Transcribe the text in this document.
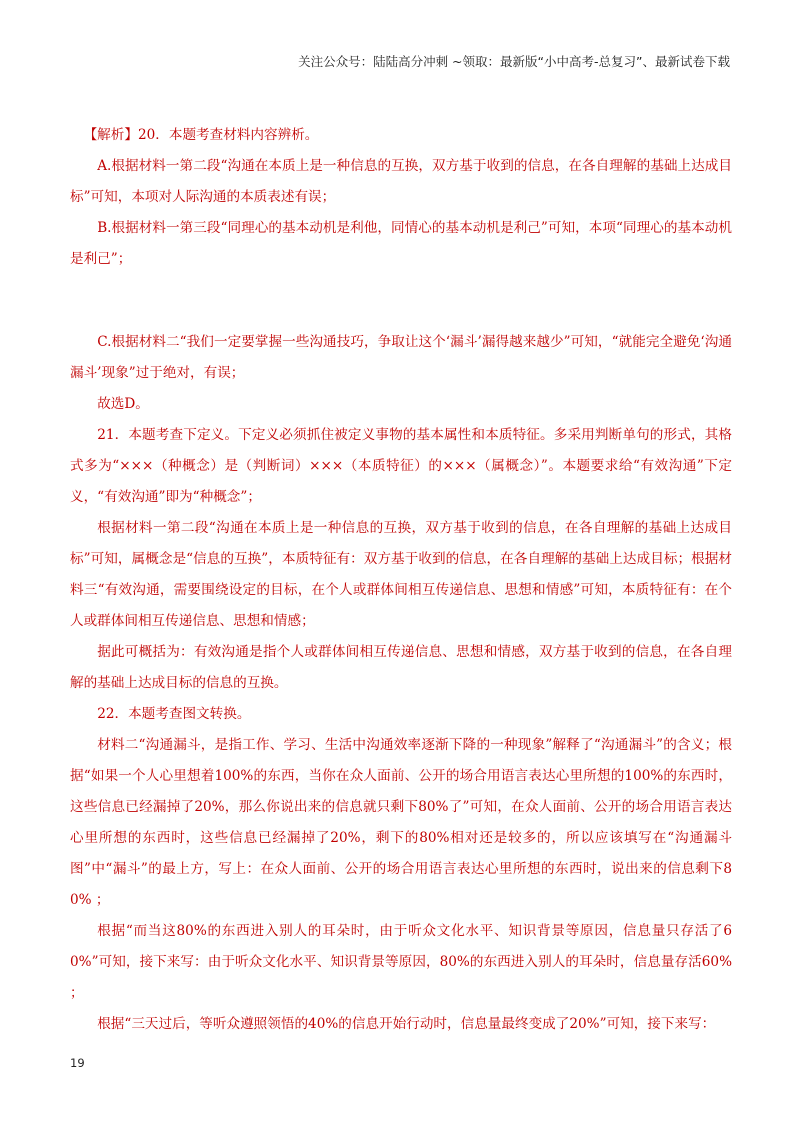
关注公众号：陆陆高分冲刺 ~领取：最新版“小中高考-总复习”、最新试卷下载

【解析】20．本题考查材料内容辨析。

A.根据材料一第二段“沟通在本质上是一种信息的互换，双方基于收到的信息，在各自理解的基础上达成目标”可知，本项对人际沟通的本质表述有误；

B.根据材料一第三段“同理心的基本动机是利他，同情心的基本动机是利己”可知，本项“同理心的基本动机是利己”；

C.根据材料二“我们一定要掌握一些沟通技巧，争取让这个‘漏斗’漏得越来越少”可知，“就能完全避免‘沟通漏斗’现象”过于绝对，有误；

故选D。

21．本题考查下定义。下定义必须抓住被定义事物的基本属性和本质特征。多采用判断单句的形式，其格式多为“×××（种概念）是（判断词）×××（本质特征）的×××（属概念）”。本题要求给“有效沟通”下定义，“有效沟通”即为“种概念”；

根据材料一第二段“沟通在本质上是一种信息的互换，双方基于收到的信息，在各自理解的基础上达成目标”可知，属概念是“信息的互换”，本质特征有：双方基于收到的信息，在各自理解的基础上达成目标；根据材料三“有效沟通，需要围绕设定的目标，在个人或群体间相互传递信息、思想和情感”可知，本质特征有：在个人或群体间相互传递信息、思想和情感；

据此可概括为：有效沟通是指个人或群体间相互传递信息、思想和情感，双方基于收到的信息，在各自理解的基础上达成目标的信息的互换。

22．本题考查图文转换。

材料二“沟通漏斗，是指工作、学习、生活中沟通效率逐渐下降的一种现象”解释了“沟通漏斗”的含义；根据“如果一个人心里想着100%的东西，当你在众人面前、公开的场合用语言表达心里所想的100%的东西时，这些信息已经漏掉了20%，那么你说出来的信息就只剩下80%了”可知，在众人面前、公开的场合用语言表达心里所想的东西时，这些信息已经漏掉了20%，剩下的80%相对还是较多的，所以应该填写在“沟通漏斗图”中“漏斗”的最上方，写上：在众人面前、公开的场合用语言表达心里所想的东西时，说出来的信息剩下80% ；

根据“而当这80%的东西进入别人的耳朵时，由于听众文化水平、知识背景等原因，信息量只存活了60%”可知，接下来写：由于听众文化水平、知识背景等原因，80%的东西进入别人的耳朵时，信息量存活60% ；

根据“三天过后，等听众遵照领悟的40%的信息开始行动时，信息量最终变成了20%”可知，接下来写：

19
